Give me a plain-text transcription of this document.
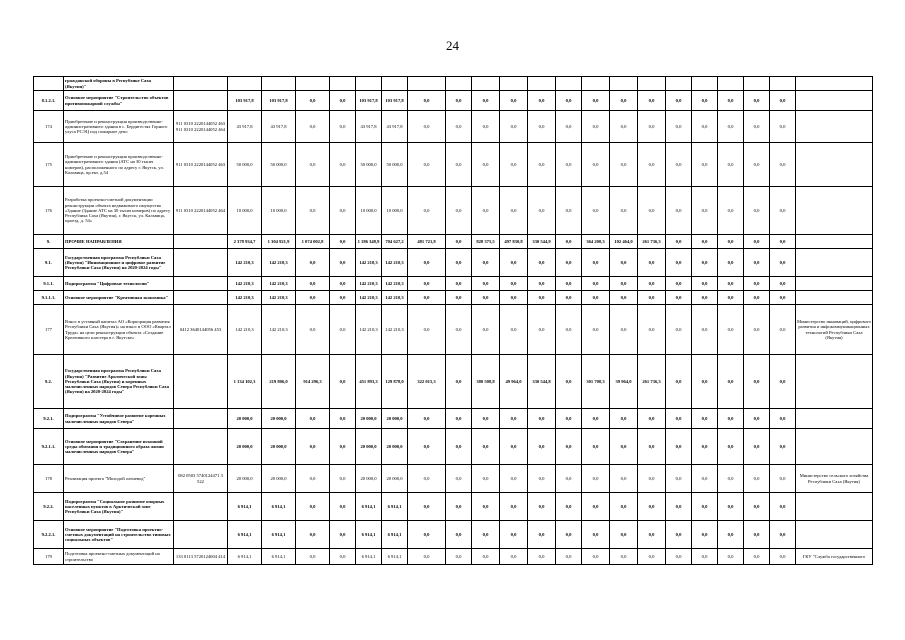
24
	гражданской обороны в Республике Саха (Якутия)"																						
8.1.2.1.	Основное мероприятие "Строительство объектов противопожарной службы"		103 917,8	103 917,8	0,0	0,0	103 917,8	103 917,8	0,0	0,0	0,0	0,0	0,0	0,0	0,0	0,0	0,0	0,0	0,0	0,0	0,0	0,0	
174	Приобретение и реконструкция производственно-административного здания в с. Бердигестях Горного улуса РСЭЦ под пожарное депо	911 0310 2220144052 463 911 0310 2220144052 464	43 917,8	43 917,8	0,0	0,0	43 917,8	43 917,8	0,0	0,0	0,0	0,0	0,0	0,0	0,0	0,0	0,0	0,0	0,0	0,0	0,0	0,0	
175	Приобретение и реконструкция производственно-административного здания (АТС на 30 тысяч номеров), расположенного по адресу г. Якутск, ул. Кальвица, пр.ект, д.54	911 0310 2220144052 463	50 000,0	50 000,0	0,0	0,0	50 000,0	50 000,0	0,0	0,0	0,0	0,0	0,0	0,0	0,0	0,0	0,0	0,0	0,0	0,0	0,0	0,0	
176	Разработка проектно-сметной документации реконструкции объекта недвижимого имущества «Здание (Здание АТС на 30 тысяч номеров) по адресу Республика Саха (Якутия), г. Якутск, ул. Кальвица, проезд, д. 54»	911 0310 2220144052 464	10 000,0	10 000,0	0,0	0,0	10 000,0	10 000,0	0,0	0,0	0,0	0,0	0,0	0,0	0,0	0,0	0,0	0,0	0,0	0,0	0,0	0,0	
9.	ПРОЧИЕ НАПРАВЛЕНИЯ		2 378 934,7	1 304 921,9	1 074 002,8	0,0	1 186 348,9	704 627,2	481 721,8	0,0	828 375,5	497 830,8	330 544,9	0,0	364 200,3	102 464,0	261 736,3	0,0	0,0	0,0	0,0	0,0	
9.1.	Государственная программа Республики Саха (Якутия) "Инновационное и цифровое развитие Республики Саха (Якутия) на 2020-2024 годы"		142 210,3	142 210,3	0,0	0,0	142 210,3	142 210,3	0,0	0,0	0,0	0,0	0,0	0,0	0,0	0,0	0,0	0,0	0,0	0,0	0,0	0,0	
9.1.1.	Подпрограмма "Цифровые технологии"		142 210,3	142 210,3	0,0	0,0	142 210,3	142 210,3	0,0	0,0	0,0	0,0	0,0	0,0	0,0	0,0	0,0	0,0	0,0	0,0	0,0	0,0	
9.1.1.1.	Основное мероприятие "Креативная экономика"		142 210,3	142 210,3	0,0	0,0	142 210,3	142 210,3	0,0	0,0	0,0	0,0	0,0	0,0	0,0	0,0	0,0	0,0	0,0	0,0	0,0	0,0	
177	Взнос в уставный капитал АО «Корпорация развития Республики Саха (Якутия)» на взнос в ООО «Квартал Труда» на цели реконструкции объекта «Создание Креативного кластера в г. Якутске»	0412 3640144056 453	142 210,3	142 210,3	0,0	0,0	142 210,3	142 210,3	0,0	0,0	0,0	0,0	0,0	0,0	0,0	0,0	0,0	0,0	0,0	0,0	0,0	0,0	Министерство инноваций, цифрового развития и инфокоммуникационных технологий Республики Саха (Якутия)
9.2.	Государственная программа Республики Саха (Якутия) "Развитие Арктической зоны Республики Саха (Якутия) и коренных малочисленных народов Севера Республики Саха (Якутия) на 2020-2024 годы"		1 134 102,3	219 806,0	914 296,3	0,0	451 893,3	129 878,0	322 015,3	0,0	380 508,8	49 964,0	330 544,8	0,0	301 700,3	39 964,0	261 736,3	0,0	0,0	0,0	0,0	0,0	
9.2.1.	Подпрограмма "Устойчивое развитие коренных малочисленных народов Севера"		20 000,0	20 000,0	0,0	0,0	20 000,0	20 000,0	0,0	0,0	0,0	0,0	0,0	0,0	0,0	0,0	0,0	0,0	0,0	0,0	0,0	0,0	
9.2.1.1.	Основное мероприятие "Сохранение исконной среды обитания и традиционного образа жизни малочисленных народов Севера"		20 000,0	20 000,0	0,0	0,0	20 000,0	20 000,0	0,0	0,0	0,0	0,0	0,0	0,0	0,0	0,0	0,0	0,0	0,0	0,0	0,0	0,0	
178	Реализация проекта "Молодой оленевод"	082 0503 5740124471 3 522	20 000,0	20 000,0	0,0	0,0	20 000,0	20 000,0	0,0	0,0	0,0	0,0	0,0	0,0	0,0	0,0	0,0	0,0	0,0	0,0	0,0	0,0	Министерство сельского хозяйства Республики Саха (Якутия)
9.2.2.	Подпрограмма "Социальное развитие опорных населенных пунктов в Арктической зоне Республики Саха (Якутия)"		6 914,1	6 914,1	0,0	0,0	6 914,1	6 914,1	0,0	0,0	0,0	0,0	0,0	0,0	0,0	0,0	0,0	0,0	0,0	0,0	0,0	0,0	
9.2.2.1.	Основное мероприятие "Подготовка проектно-сметных документаций на строительство типовых социальных объектов"		6 914,1	6 914,1	0,0	0,0	6 914,1	6 914,1	0,0	0,0	0,0	0,0	0,0	0,0	0,0	0,0	0,0	0,0	0,0	0,0	0,0	0,0	
179	Подготовка проектно-сметных документаций на строительство	133 0113 5720124004 414	6 914,1	6 914,1	0,0	0,0	6 914,1	6 914,1	0,0	0,0	0,0	0,0	0,0	0,0	0,0	0,0	0,0	0,0	0,0	0,0	0,0	0,0	ГКУ "Служба государственного
